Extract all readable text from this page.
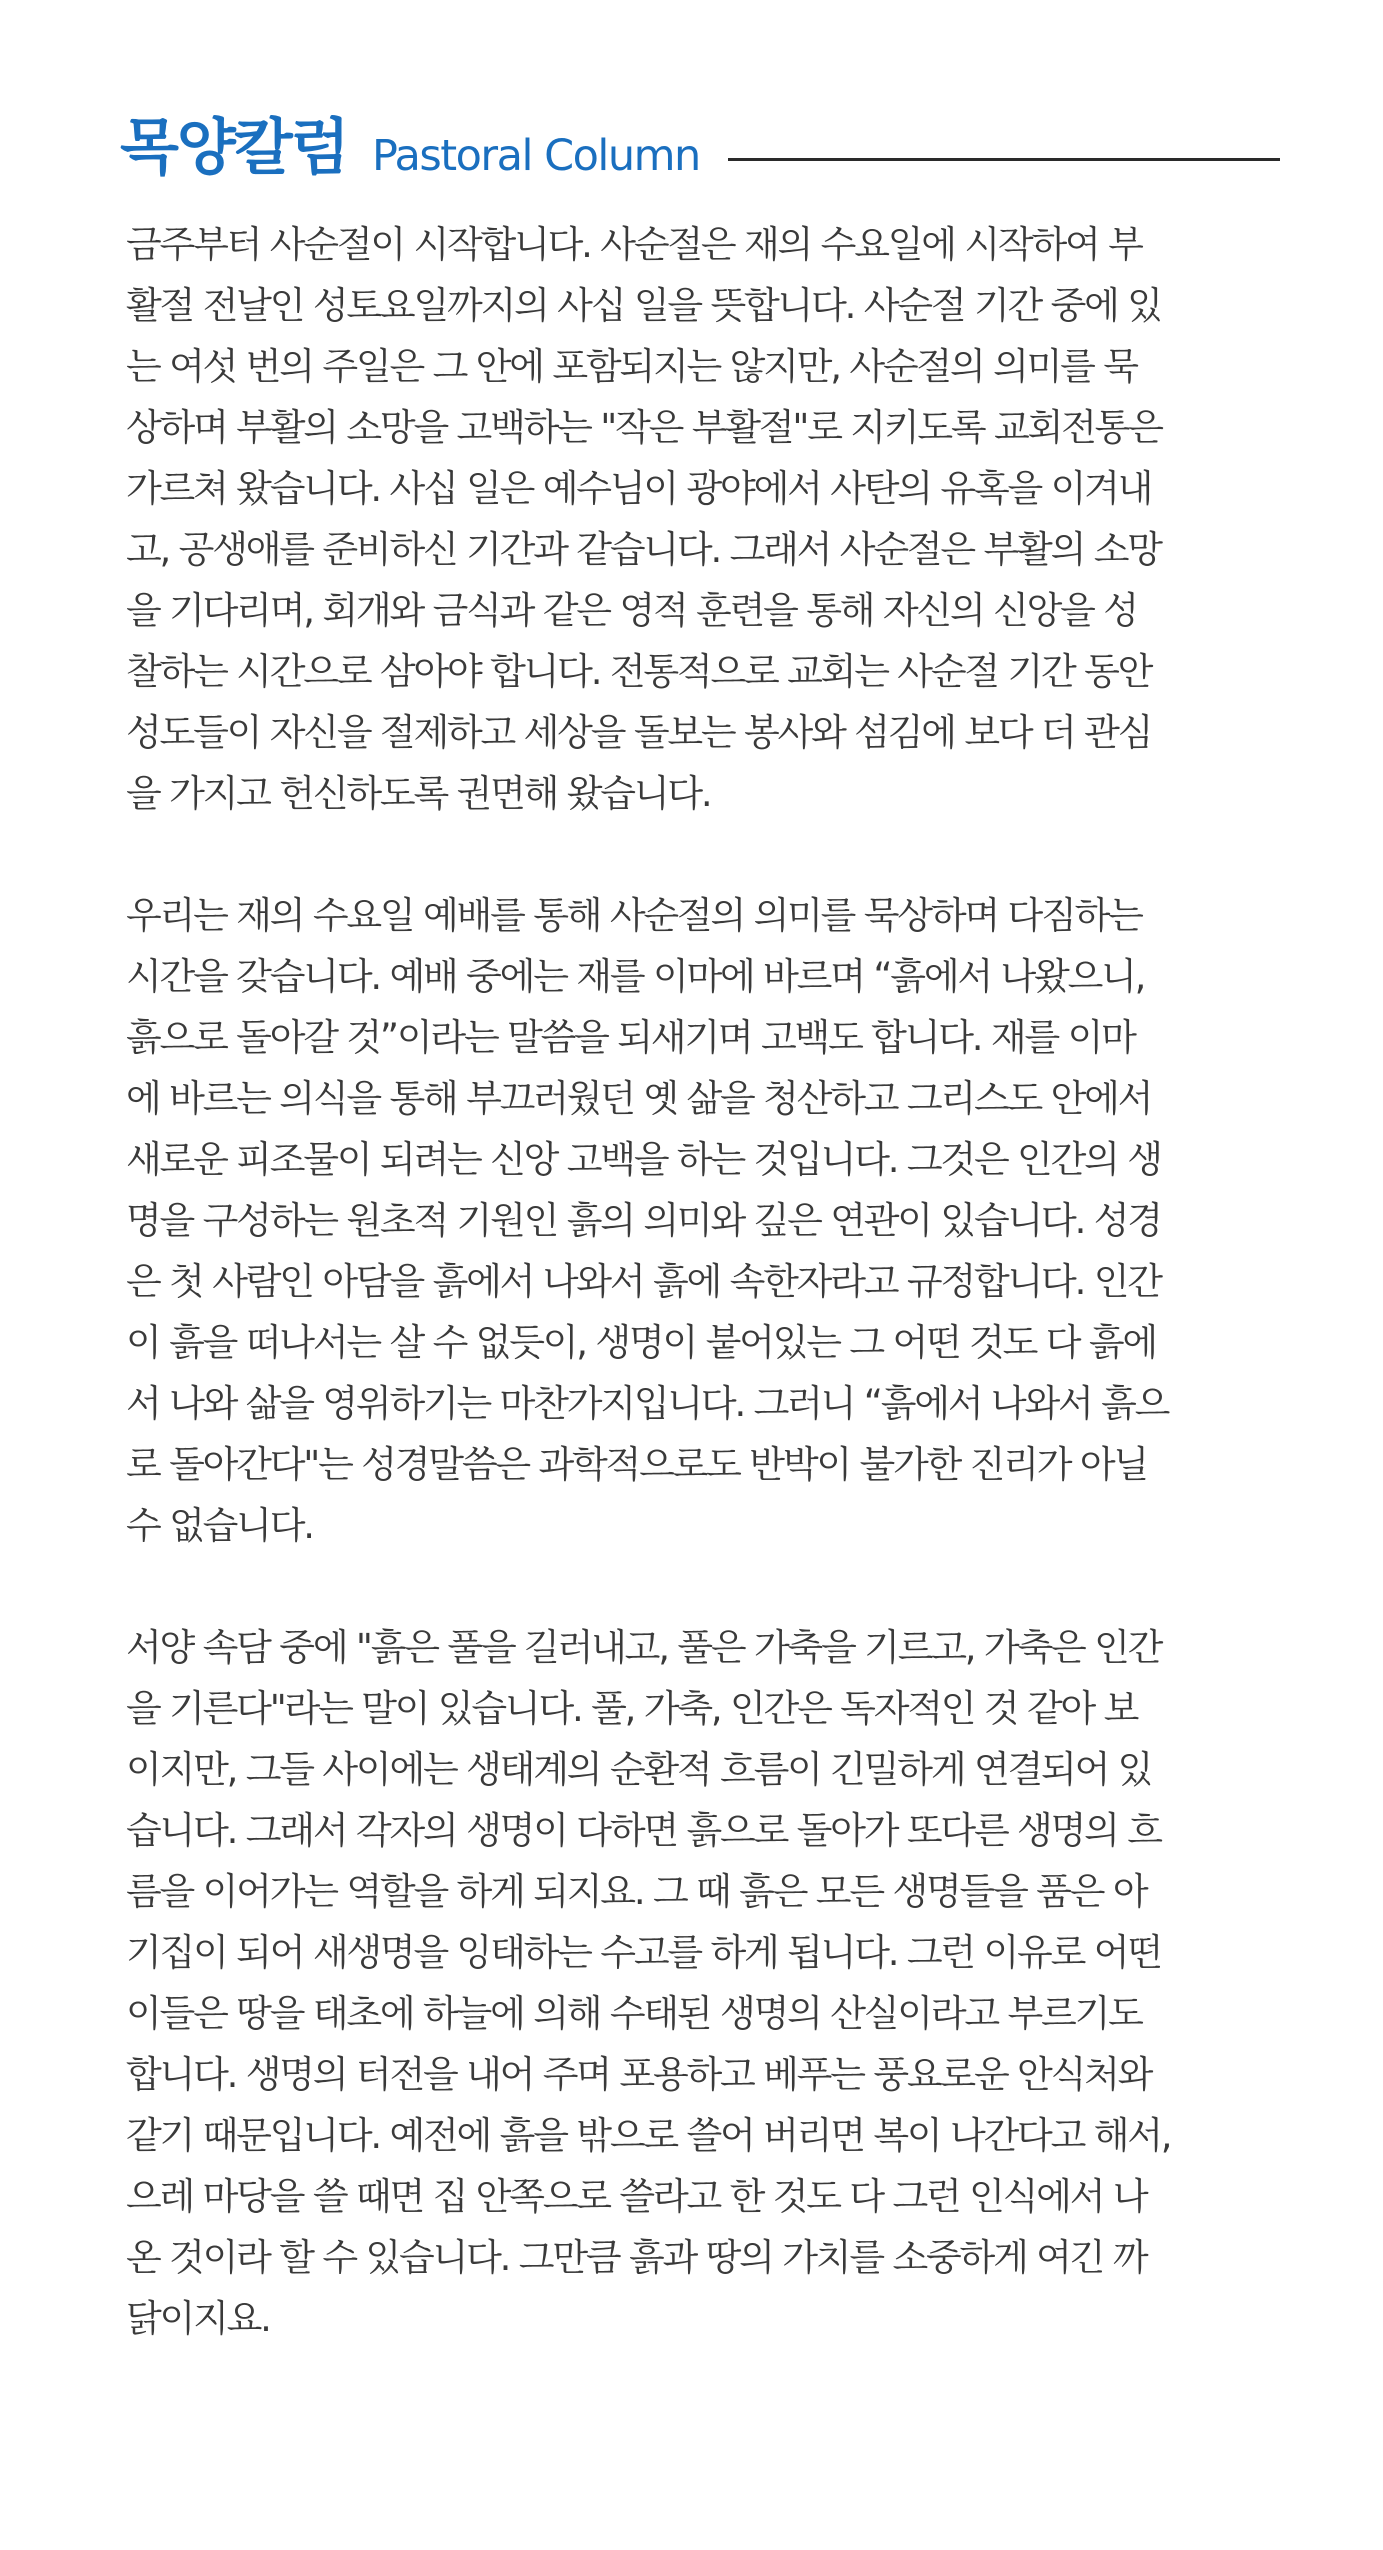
목양칼럼 Pastoral Column

금주부터 사순절이 시작합니다. 사순절은 재의 수요일에 시작하여 부
활절 전날인 성토요일까지의 사십 일을 뜻합니다. 사순절 기간 중에 있
는 여섯 번의 주일은 그 안에 포함되지는 않지만, 사순절의 의미를 묵
상하며 부활의 소망을 고백하는 "작은 부활절"로 지키도록 교회전통은
가르쳐 왔습니다. 사십 일은 예수님이 광야에서 사탄의 유혹을 이겨내
고, 공생애를 준비하신 기간과 같습니다. 그래서 사순절은 부활의 소망
을 기다리며, 회개와 금식과 같은 영적 훈련을 통해 자신의 신앙을 성
찰하는 시간으로 삼아야 합니다. 전통적으로 교회는 사순절 기간 동안
성도들이 자신을 절제하고 세상을 돌보는 봉사와 섬김에 보다 더 관심
을 가지고 헌신하도록 권면해 왔습니다.

우리는 재의 수요일 예배를 통해 사순절의 의미를 묵상하며 다짐하는
시간을 갖습니다. 예배 중에는 재를 이마에 바르며 “흙에서 나왔으니,
흙으로 돌아갈 것”이라는 말씀을 되새기며 고백도 합니다. 재를 이마
에 바르는 의식을 통해 부끄러웠던 옛 삶을 청산하고 그리스도 안에서
새로운 피조물이 되려는 신앙 고백을 하는 것입니다. 그것은 인간의 생
명을 구성하는 원초적 기원인 흙의 의미와 깊은 연관이 있습니다. 성경
은 첫 사람인 아담을 흙에서 나와서 흙에 속한자라고 규정합니다. 인간
이 흙을 떠나서는 살 수 없듯이, 생명이 붙어있는 그 어떤 것도 다 흙에
서 나와 삶을 영위하기는 마찬가지입니다. 그러니 “흙에서 나와서 흙으
로 돌아간다"는 성경말씀은 과학적으로도 반박이 불가한 진리가 아닐
수 없습니다.

서양 속담 중에 "흙은 풀을 길러내고, 풀은 가축을 기르고, 가축은 인간
을 기른다"라는 말이 있습니다. 풀, 가축, 인간은 독자적인 것 같아 보
이지만, 그들 사이에는 생태계의 순환적 흐름이 긴밀하게 연결되어 있
습니다. 그래서 각자의 생명이 다하면 흙으로 돌아가 또다른 생명의 흐
름을 이어가는 역할을 하게 되지요. 그 때 흙은 모든 생명들을 품은 아
기집이 되어 새생명을 잉태하는 수고를 하게 됩니다. 그런 이유로 어떤
이들은 땅을 태초에 하늘에 의해 수태된 생명의 산실이라고 부르기도
합니다. 생명의 터전을 내어 주며 포용하고 베푸는 풍요로운 안식처와
같기 때문입니다. 예전에 흙을 밖으로 쓸어 버리면 복이 나간다고 해서,
으레 마당을 쓸 때면 집 안쪽으로 쓸라고 한 것도 다 그런 인식에서 나
온 것이라 할 수 있습니다. 그만큼 흙과 땅의 가치를 소중하게 여긴 까
닭이지요.
